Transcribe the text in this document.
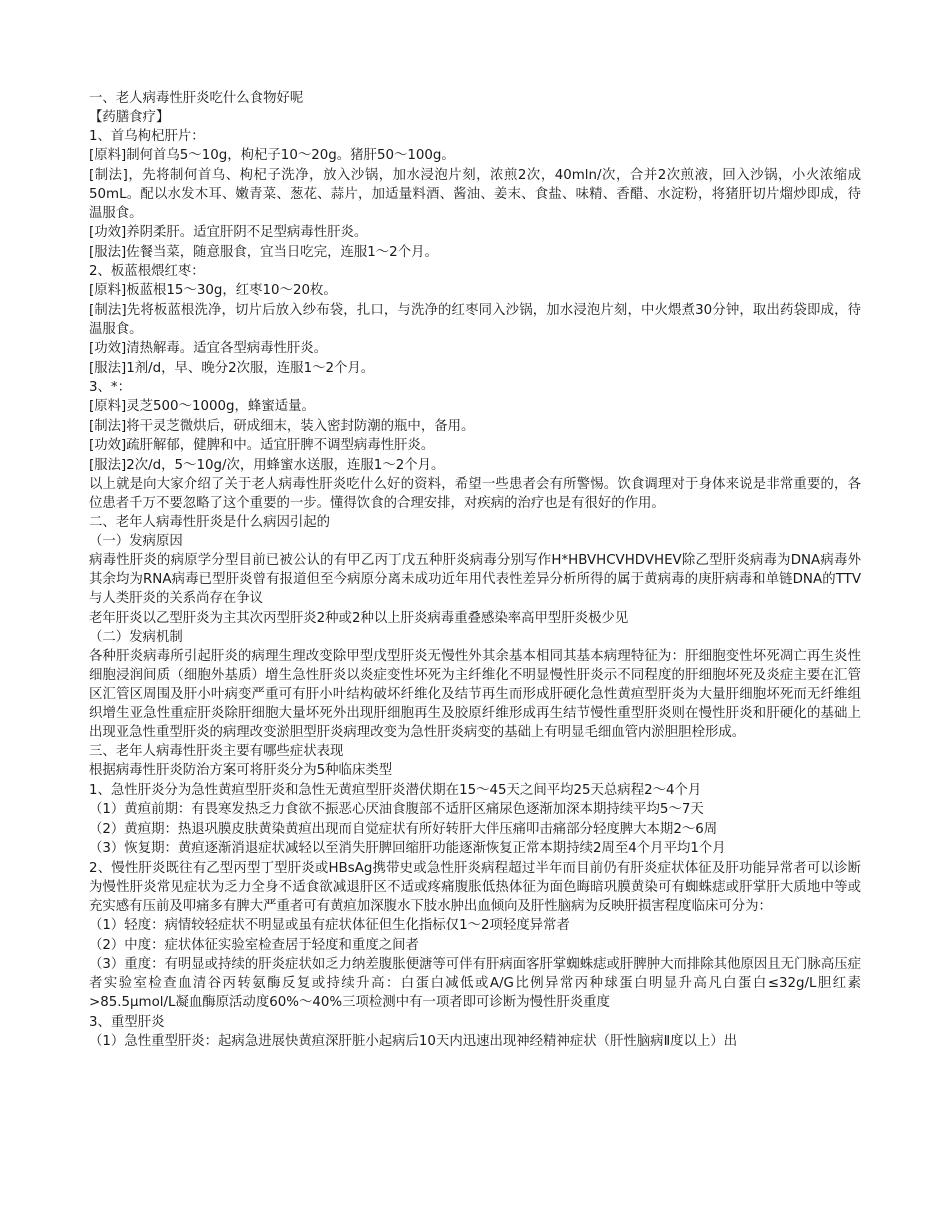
一、老人病毒性肝炎吃什么食物好呢

【药膳食疗】

1、首乌枸杞肝片：

[原料]制何首乌5～10g，枸杞子10～20g。猪肝50～100g。

[制法]，先将制何首乌、枸杞子洗净，放入沙锅，加水浸泡片刻，浓煎2次，40mln/次，合并2次煎液，回入沙锅，小火浓缩成50mL。配以水发木耳、嫩青菜、葱花、蒜片，加适量料酒、酱油、姜末、食盐、味精、香醋、水淀粉，将猪肝切片熘炒即成，待温服食。

[功效]养阴柔肝。适宜肝阴不足型病毒性肝炎。

[服法]佐餐当菜，随意服食，宜当日吃完，连服1～2个月。

2、板蓝根煨红枣：

[原料]板蓝根15～30g，红枣10～20枚。

[制法]先将板蓝根洗净，切片后放入纱布袋，扎口，与洗净的红枣同入沙锅，加水浸泡片刻，中火煨煮30分钟，取出药袋即成，待温服食。

[功效]清热解毒。适宜各型病毒性肝炎。

[服法]1剂/d，早、晚分2次服，连服1～2个月。

3、*：

[原料]灵芝500～1000g，蜂蜜适量。

[制法]将干灵芝微烘后，研成细末，装入密封防潮的瓶中，备用。

[功效]疏肝解郁，健脾和中。适宜肝脾不调型病毒性肝炎。

[服法]2次/d，5～10g/次，用蜂蜜水送服，连服1～2个月。

以上就是向大家介绍了关于老人病毒性肝炎吃什么好的资料，希望一些患者会有所警惕。饮食调理对于身体来说是非常重要的，各位患者千万不要忽略了这个重要的一步。懂得饮食的合理安排，对疾病的治疗也是有很好的作用。

二、老年人病毒性肝炎是什么病因引起的

（一）发病原因

病毒性肝炎的病原学分型目前已被公认的有甲乙丙丁戊五种肝炎病毒分别写作H*HBVHCVHDVHEV除乙型肝炎病毒为DNA病毒外其余均为RNA病毒已型肝炎曾有报道但至今病原分离未成功近年用代表性差异分析所得的属于黄病毒的庚肝病毒和单链DNA的TTV与人类肝炎的关系尚存在争议

老年肝炎以乙型肝炎为主其次丙型肝炎2种或2种以上肝炎病毒重叠感染率高甲型肝炎极少见

（二）发病机制

各种肝炎病毒所引起肝炎的病理生理改变除甲型戊型肝炎无慢性外其余基本相同其基本病理特征为：肝细胞变性坏死凋亡再生炎性细胞浸润间质（细胞外基质）增生急性肝炎以炎症变性坏死为主纤维化不明显慢性肝炎示不同程度的肝细胞坏死及炎症主要在汇管区汇管区周围及肝小叶病变严重可有肝小叶结构破坏纤维化及结节再生而形成肝硬化急性黄疸型肝炎为大量肝细胞坏死而无纤维组织增生亚急性重症肝炎除肝细胞大量坏死外出现肝细胞再生及胶原纤维形成再生结节慢性重型肝炎则在慢性肝炎和肝硬化的基础上出现亚急性重型肝炎的病理改变淤胆型肝炎病理改变为急性肝炎病变的基础上有明显毛细血管内淤胆胆栓形成。

三、老年人病毒性肝炎主要有哪些症状表现

根据病毒性肝炎防治方案可将肝炎分为5种临床类型

1、急性肝炎分为急性黄疸型肝炎和急性无黄疸型肝炎潜伏期在15～45天之间平均25天总病程2～4个月

（1）黄疸前期：有畏寒发热乏力食欲不振恶心厌油食腹部不适肝区痛尿色逐渐加深本期持续平均5～7天

（2）黄疸期：热退巩膜皮肤黄染黄疸出现而自觉症状有所好转肝大伴压痛叩击痛部分轻度脾大本期2～6周

（3）恢复期：黄疸逐渐消退症状减轻以至消失肝脾回缩肝功能逐渐恢复正常本期持续2周至4个月平均1个月

2、慢性肝炎既往有乙型丙型丁型肝炎或HBsAg携带史或急性肝炎病程超过半年而目前仍有肝炎症状体征及肝功能异常者可以诊断为慢性肝炎常见症状为乏力全身不适食欲减退肝区不适或疼痛腹胀低热体征为面色晦暗巩膜黄染可有蜘蛛痣或肝掌肝大质地中等或充实感有压前及叩痛多有脾大严重者可有黄疸加深腹水下肢水肿出血倾向及肝性脑病为反映肝损害程度临床可分为：

（1）轻度：病情较轻症状不明显或虽有症状体征但生化指标仅1～2项轻度异常者

（2）中度：症状体征实验室检查居于轻度和重度之间者

（3）重度：有明显或持续的肝炎症状如乏力纳差腹胀便溏等可伴有肝病面客肝掌蜘蛛痣或肝脾肿大而排除其他原因且无门脉高压症者实验室检查血清谷丙转氨酶反复或持续升高：白蛋白减低或A/G比例异常丙种球蛋白明显升高凡白蛋白≤32g/L胆红素>85.5μmol/L凝血酶原活动度60%～40%三项检测中有一项者即可诊断为慢性肝炎重度

3、重型肝炎

（1）急性重型肝炎：起病急进展快黄疸深肝脏小起病后10天内迅速出现神经精神症状（肝性脑病Ⅱ度以上）出
